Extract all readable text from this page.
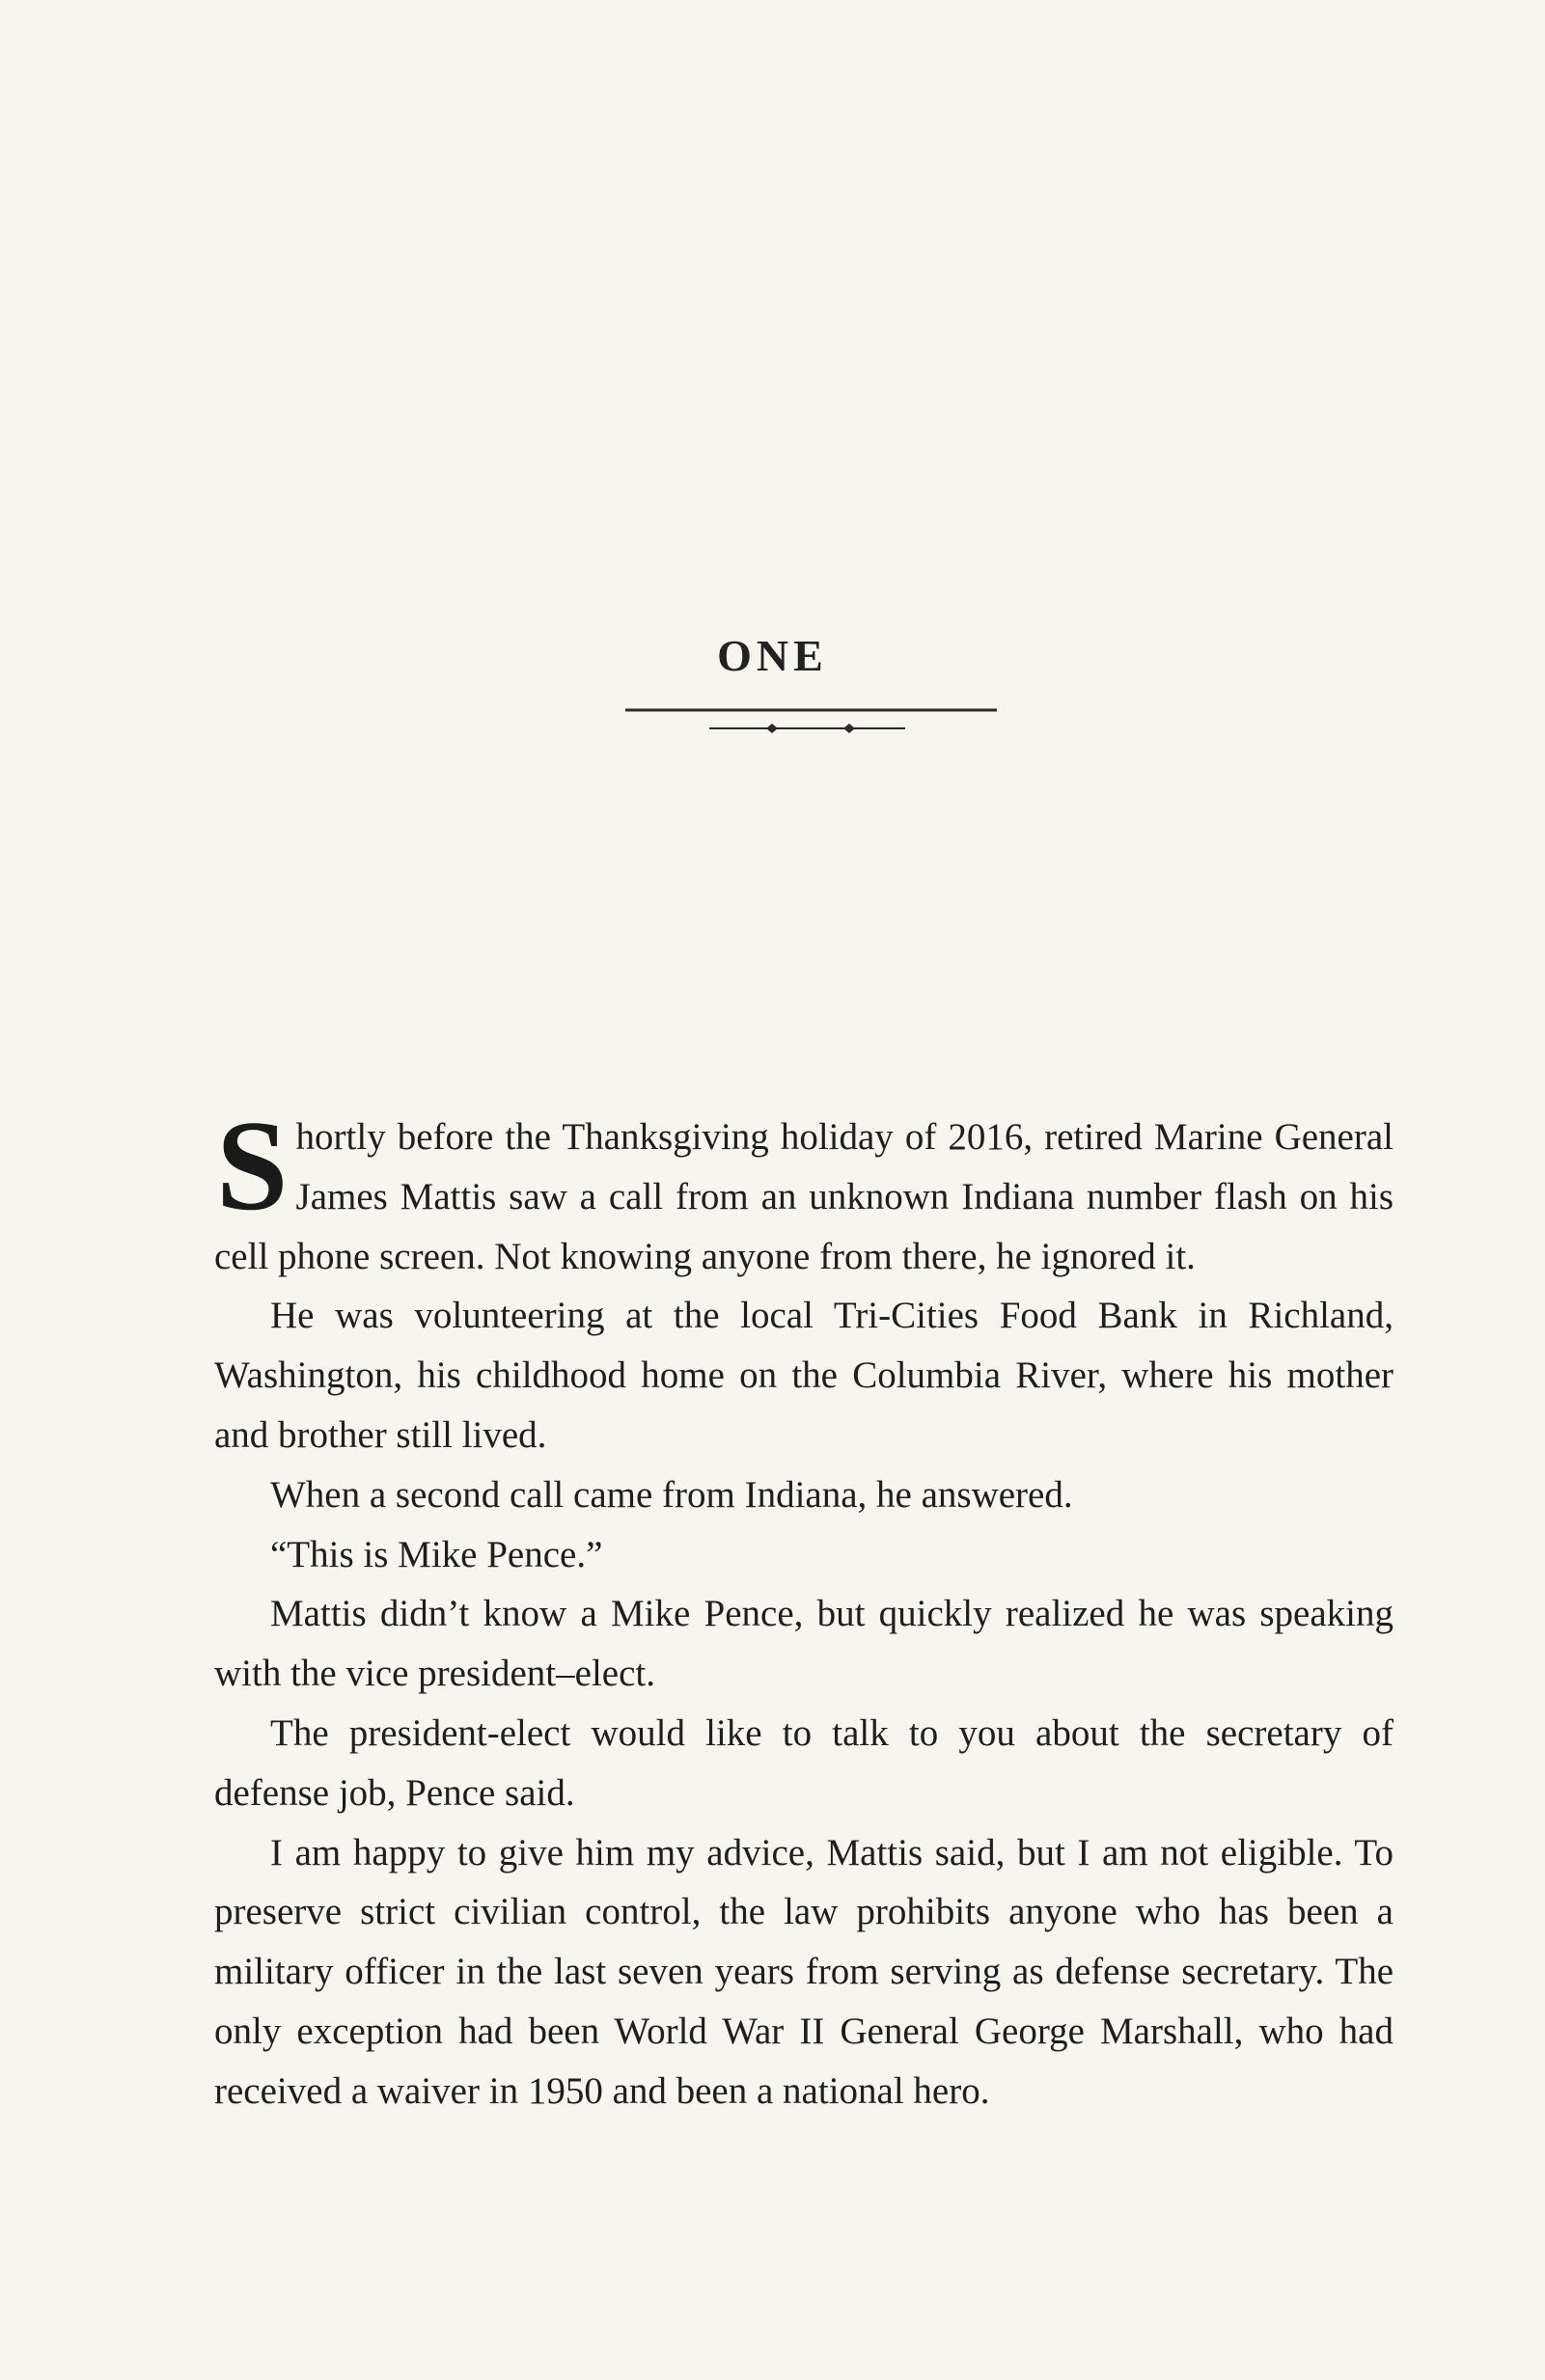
ONE

Shortly before the Thanksgiving holiday of 2016, retired Marine General James Mattis saw a call from an unknown Indiana number flash on his cell phone screen. Not knowing anyone from there, he ignored it.

He was volunteering at the local Tri-Cities Food Bank in Richland, Washington, his childhood home on the Columbia River, where his mother and brother still lived.

When a second call came from Indiana, he answered.

“This is Mike Pence.”

Mattis didn’t know a Mike Pence, but quickly realized he was speaking with the vice president–elect.

The president-elect would like to talk to you about the secretary of defense job, Pence said.

I am happy to give him my advice, Mattis said, but I am not eligible. To preserve strict civilian control, the law prohibits anyone who has been a military officer in the last seven years from serving as defense secretary. The only exception had been World War II General George Marshall, who had received a waiver in 1950 and been a national hero.
